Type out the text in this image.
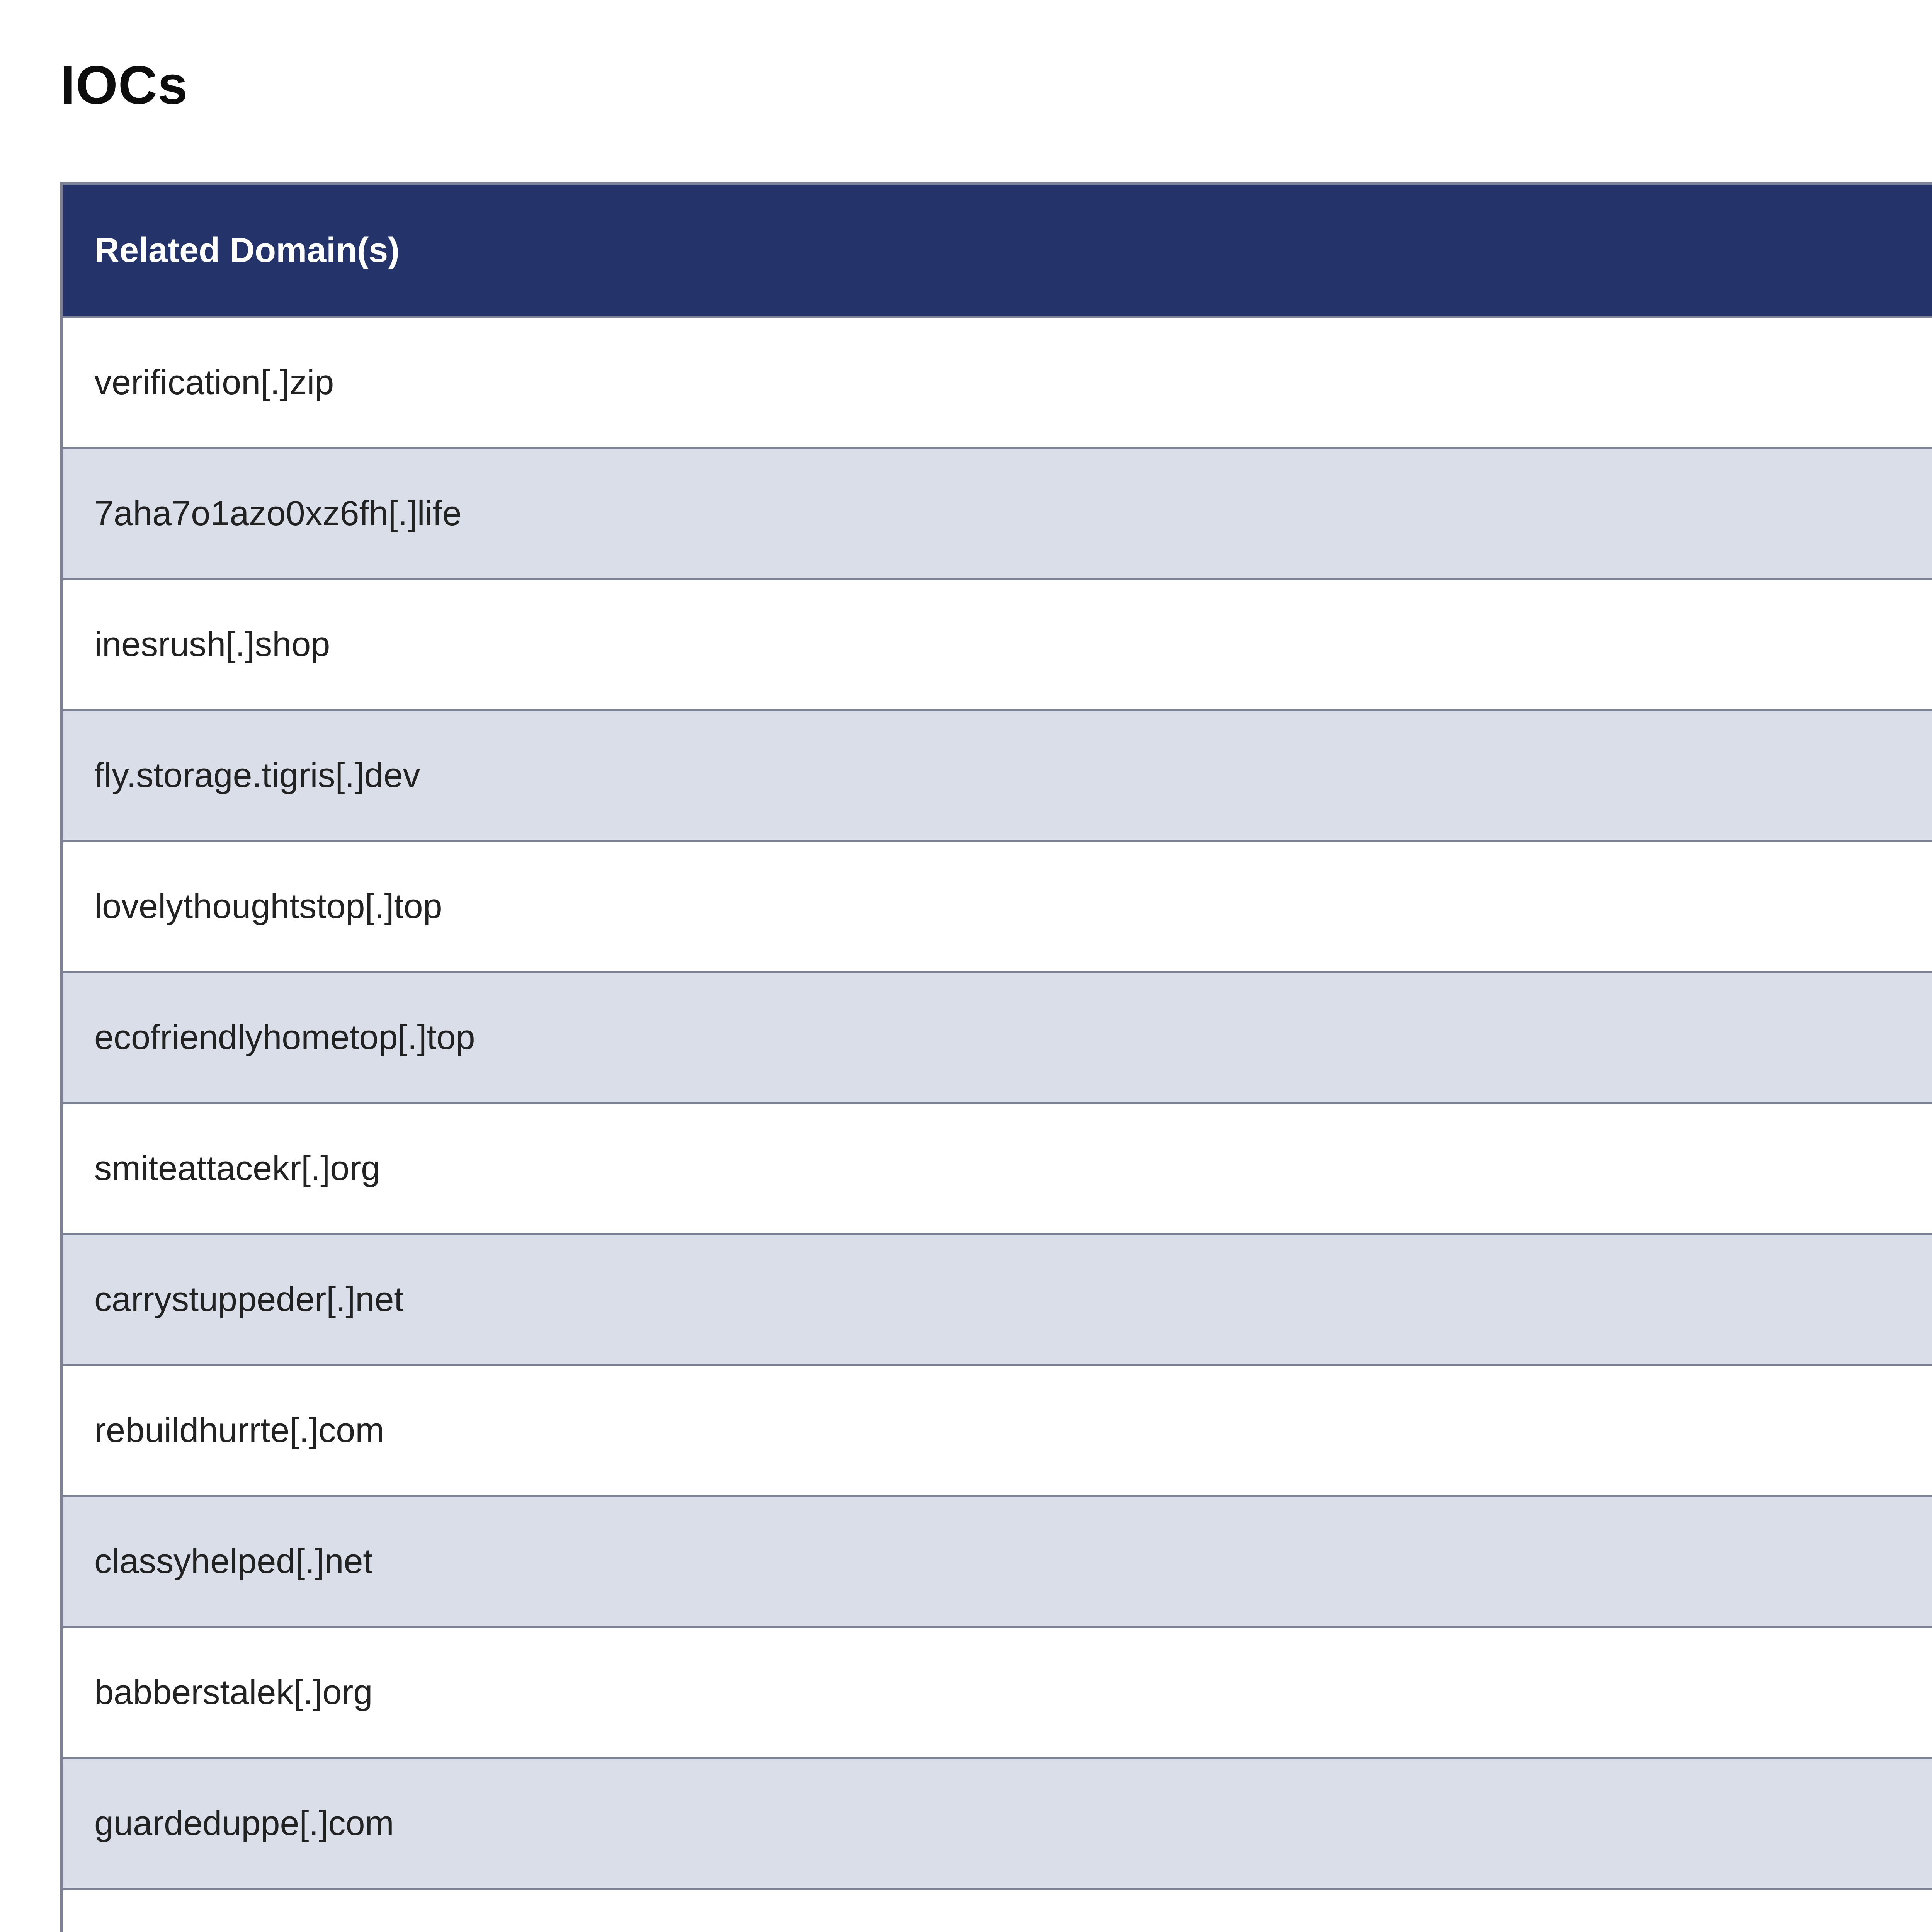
IOCs
Related Domain(s)
verification[.]zip
7aha7o1azo0xz6fh[.]life
inesrush[.]shop
fly.storage.tigris[.]dev
lovelythoughtstop[.]top
ecofriendlyhometop[.]top
smiteattacekr[.]org
carrystuppeder[.]net
rebuildhurrte[.]com
classyhelped[.]net
babberstalek[.]org
guardeduppe[.]com
